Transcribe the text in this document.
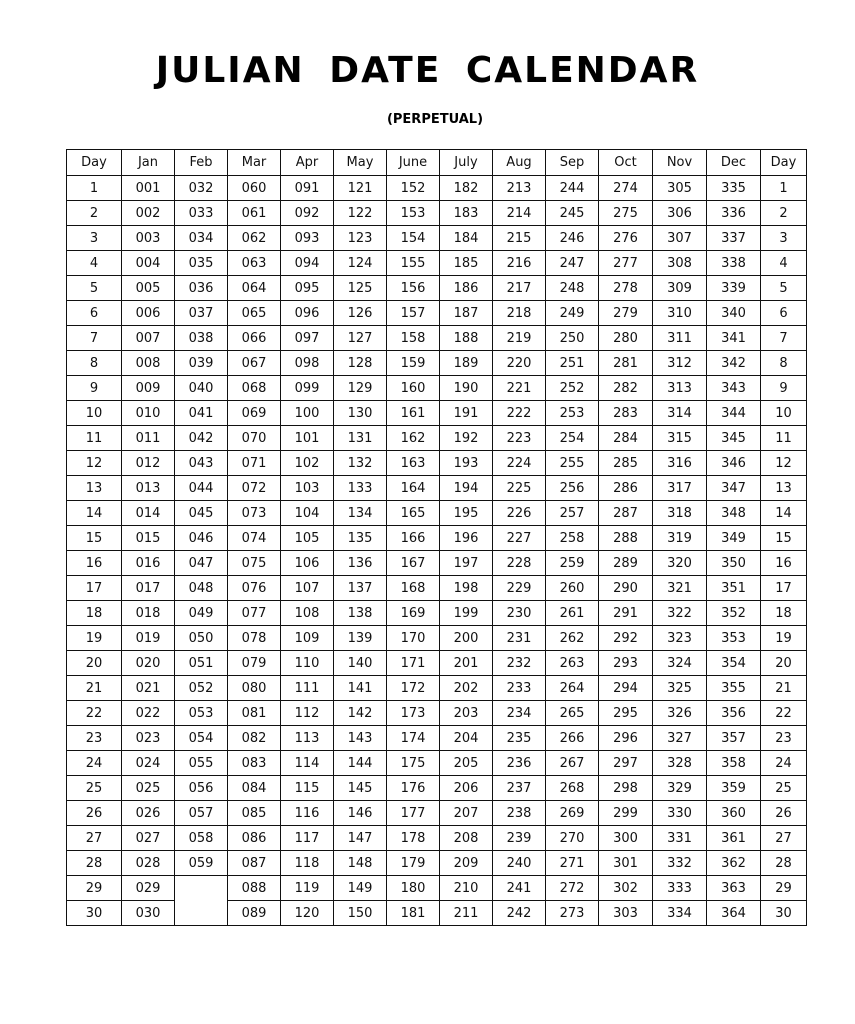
JULIAN DATE CALENDAR
(PERPETUAL)
Day	Jan	Feb	Mar	Apr	May	June	July	Aug	Sep	Oct	Nov	Dec	Day
1	001	032	060	091	121	152	182	213	244	274	305	335	1
2	002	033	061	092	122	153	183	214	245	275	306	336	2
3	003	034	062	093	123	154	184	215	246	276	307	337	3
4	004	035	063	094	124	155	185	216	247	277	308	338	4
5	005	036	064	095	125	156	186	217	248	278	309	339	5
6	006	037	065	096	126	157	187	218	249	279	310	340	6
7	007	038	066	097	127	158	188	219	250	280	311	341	7
8	008	039	067	098	128	159	189	220	251	281	312	342	8
9	009	040	068	099	129	160	190	221	252	282	313	343	9
10	010	041	069	100	130	161	191	222	253	283	314	344	10
11	011	042	070	101	131	162	192	223	254	284	315	345	11
12	012	043	071	102	132	163	193	224	255	285	316	346	12
13	013	044	072	103	133	164	194	225	256	286	317	347	13
14	014	045	073	104	134	165	195	226	257	287	318	348	14
15	015	046	074	105	135	166	196	227	258	288	319	349	15
16	016	047	075	106	136	167	197	228	259	289	320	350	16
17	017	048	076	107	137	168	198	229	260	290	321	351	17
18	018	049	077	108	138	169	199	230	261	291	322	352	18
19	019	050	078	109	139	170	200	231	262	292	323	353	19
20	020	051	079	110	140	171	201	232	263	293	324	354	20
21	021	052	080	111	141	172	202	233	264	294	325	355	21
22	022	053	081	112	142	173	203	234	265	295	326	356	22
23	023	054	082	113	143	174	204	235	266	296	327	357	23
24	024	055	083	114	144	175	205	236	267	297	328	358	24
25	025	056	084	115	145	176	206	237	268	298	329	359	25
26	026	057	085	116	146	177	207	238	269	299	330	360	26
27	027	058	086	117	147	178	208	239	270	300	331	361	27
28	028	059	087	118	148	179	209	240	271	301	332	362	28
29	029		088	119	149	180	210	241	272	302	333	363	29
30	030		089	120	150	181	211	242	273	303	334	364	30
